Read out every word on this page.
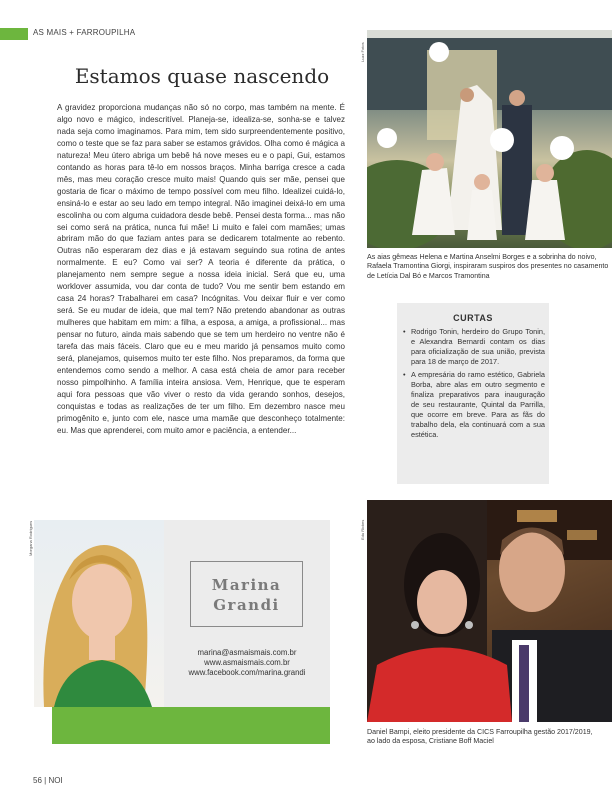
AS MAIS + FARROUPILHA
Estamos quase nascendo

A gravidez proporciona mudanças não só no corpo, mas também na mente. É algo novo e mágico, indescritível. Planeja-se, idealiza-se, sonha-se e talvez nada seja como imaginamos. Para mim, tem sido surpreendentemente positivo, como o teste que se faz para saber se estamos grávidos. Olha como é mágica a natureza! Meu útero abriga um bebê há nove meses eu e o papi, Gui, estamos contando as horas para tê-lo em nossos braços. Minha barriga cresce a cada mês, mas meu coração cresce muito mais! Quando quis ser mãe, pensei que gostaria de ficar o máximo de tempo possível com meu filho. Idealizei cuidá-lo, ensiná-lo e estar ao seu lado em tempo integral. Não imaginei deixá-lo em uma escolinha ou com alguma cuidadora desde bebê. Pensei desta forma... mas não sei como será na prática, nunca fui mãe! Li muito e falei com mamães; umas abriram mão do que faziam antes para se dedicarem totalmente ao rebento. Outras não esperaram dez dias e já estavam seguindo sua rotina de antes normalmente. E eu? Como vai ser? A teoria é diferente da prática, o planejamento nem sempre segue a nossa ideia inicial. Será que eu, uma worklover assumida, vou dar conta de tudo? Vou me sentir bem estando em casa 24 horas? Trabalharei em casa? Incógnitas. Vou deixar fluir e ver como será. Se eu mudar de ideia, que mal tem? Não pretendo abandonar as outras mulheres que habitam em mim: a filha, a esposa, a amiga, a profissional... mas pensar no futuro, ainda mais sabendo que se tem um herdeiro no ventre não é tarefa das mais fáceis. Claro que eu e meu marido já pensamos muito como será, planejamos, quisemos muito ter este filho. Nos preparamos, da forma que entendemos como sendo a melhor. A casa está cheia de amor para receber nosso pimpolhinho. A família inteira ansiosa. Vem, Henrique, que te esperam aqui fora pessoas que vão viver o resto da vida gerando sonhos, desejos, conquistas e todas as realizações de ter um filho. Em dezembro nasce meu primogênito e, junto com ele, nasce uma mamãe que desconheço totalmente: eu. Mas que aprenderei, com muito amor e paciência, a entender...

Luzz Fotos
As aias gêmeas Helena e Martina Anselmi Borges e a sobrinha do noivo, Rafaela Tramontina Giorgi, inspiraram suspiros dos presentes no casamento de Letícia Dal Bó e Marcos Tramontina
CURTAS
• Rodrigo Tonin, herdeiro do Grupo Tonin, e Alexandra Bernardi contam os dias para oficialização de sua união, prevista para 18 de março de 2017.
• A empresária do ramo estético, Gabriela Borba, abre alas em outro segmento e finaliza preparativos para inauguração de seu restaurante, Quintal da Parrilla, que ocorre em breve. Para as fãs do trabalho dela, ela continuará com a sua estética.
Edu Rickes
Daniel Bampi, eleito presidente da CICS Farroupilha gestão 2017/2019, ao lado da esposa, Cristiane Boff Maciel
Morgana Rodrigues
Marina
Grandi
marina@asmaismais.com.br
www.asmaismais.com.br
www.facebook.com/marina.grandi
56 | NOI
